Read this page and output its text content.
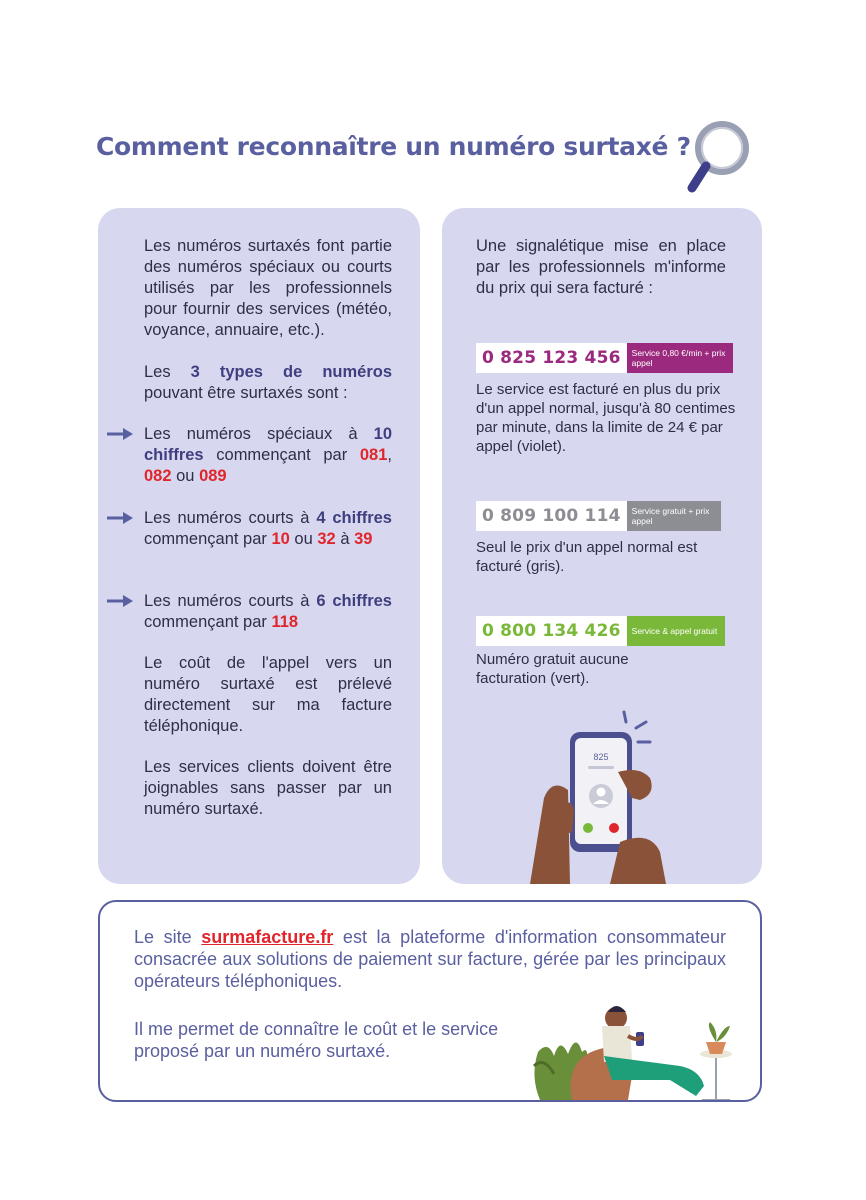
Comment reconnaître un numéro surtaxé ?
Les numéros surtaxés font partie des numéros spéciaux ou courts utilisés par les professionnels pour fournir des services (météo, voyance, annuaire, etc.).
Les 3 types de numéros pouvant être surtaxés sont :
Les numéros spéciaux à 10 chiffres commençant par 081, 082 ou 089
Les numéros courts à 4 chiffres commençant par 10 ou 32 à 39
Les numéros courts à 6 chiffres commençant par 118
Le coût de l'appel vers un numéro surtaxé est prélevé directement sur ma facture téléphonique.
Les services clients doivent être joignables sans passer par un numéro surtaxé.
Une signalétique mise en place par les professionnels m'informe du prix qui sera facturé :
0 825 123 456	Service 0,80 €/min + prix appel
Le service est facturé en plus du prix d'un appel normal, jusqu'à 80 centimes par minute, dans la limite de 24 € par appel (violet).
0 809 100 114	Service gratuit + prix appel
Seul le prix d'un appel normal est facturé (gris).
0 800 134 426	Service & appel gratuit
Numéro gratuit aucune facturation (vert).
825
Le site surmafacture.fr est la plateforme d'information consommateur consacrée aux solutions de paiement sur facture, gérée par les principaux opérateurs téléphoniques.
Il me permet de connaître le coût et le service proposé par un numéro surtaxé.
